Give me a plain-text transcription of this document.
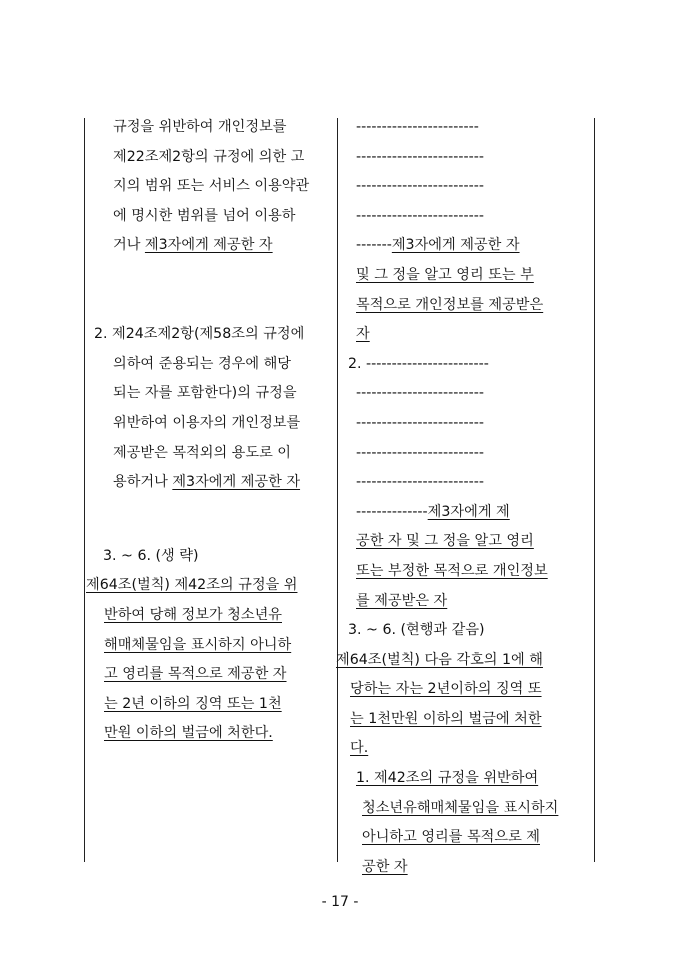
규정을 위반하여 개인정보를
제22조제2항의 규정에 의한 고
지의 범위 또는 서비스 이용약관
에 명시한 범위를 넘어 이용하
거나 제3자에게 제공한 자
2. 제24조제2항(제58조의 규정에
의하여 준용되는 경우에 해당
되는 자를 포함한다)의 규정을
위반하여 이용자의 개인정보를
제공받은 목적외의 용도로 이
용하거나 제3자에게 제공한 자
3. ~ 6. (생 략)
제64조(벌칙) 제42조의 규정을 위
반하여 당해 정보가 청소년유
해매체물임을 표시하지 아니하
고 영리를 목적으로 제공한 자
는 2년 이하의 징역 또는 1천
만원 이하의 벌금에 처한다.
------------------------
-------------------------
-------------------------
-------------------------
-------제3자에게 제공한 자
및 그 정을 알고 영리 또는 부
목적으로 개인정보를 제공받은
자
2. ------------------------
-------------------------
-------------------------
-------------------------
-------------------------
--------------제3자에게 제
공한 자 및 그 정을 알고 영리
또는 부정한 목적으로 개인정보
를 제공받은 자
3. ~ 6. (현행과 같음)
제64조(벌칙) 다음 각호의 1에 해
당하는 자는 2년이하의 징역 또
는 1천만원 이하의 벌금에 처한
다.
1. 제42조의 규정을 위반하여
청소년유해매체물임을 표시하지
아니하고 영리를 목적으로 제
공한 자
- 17 -
